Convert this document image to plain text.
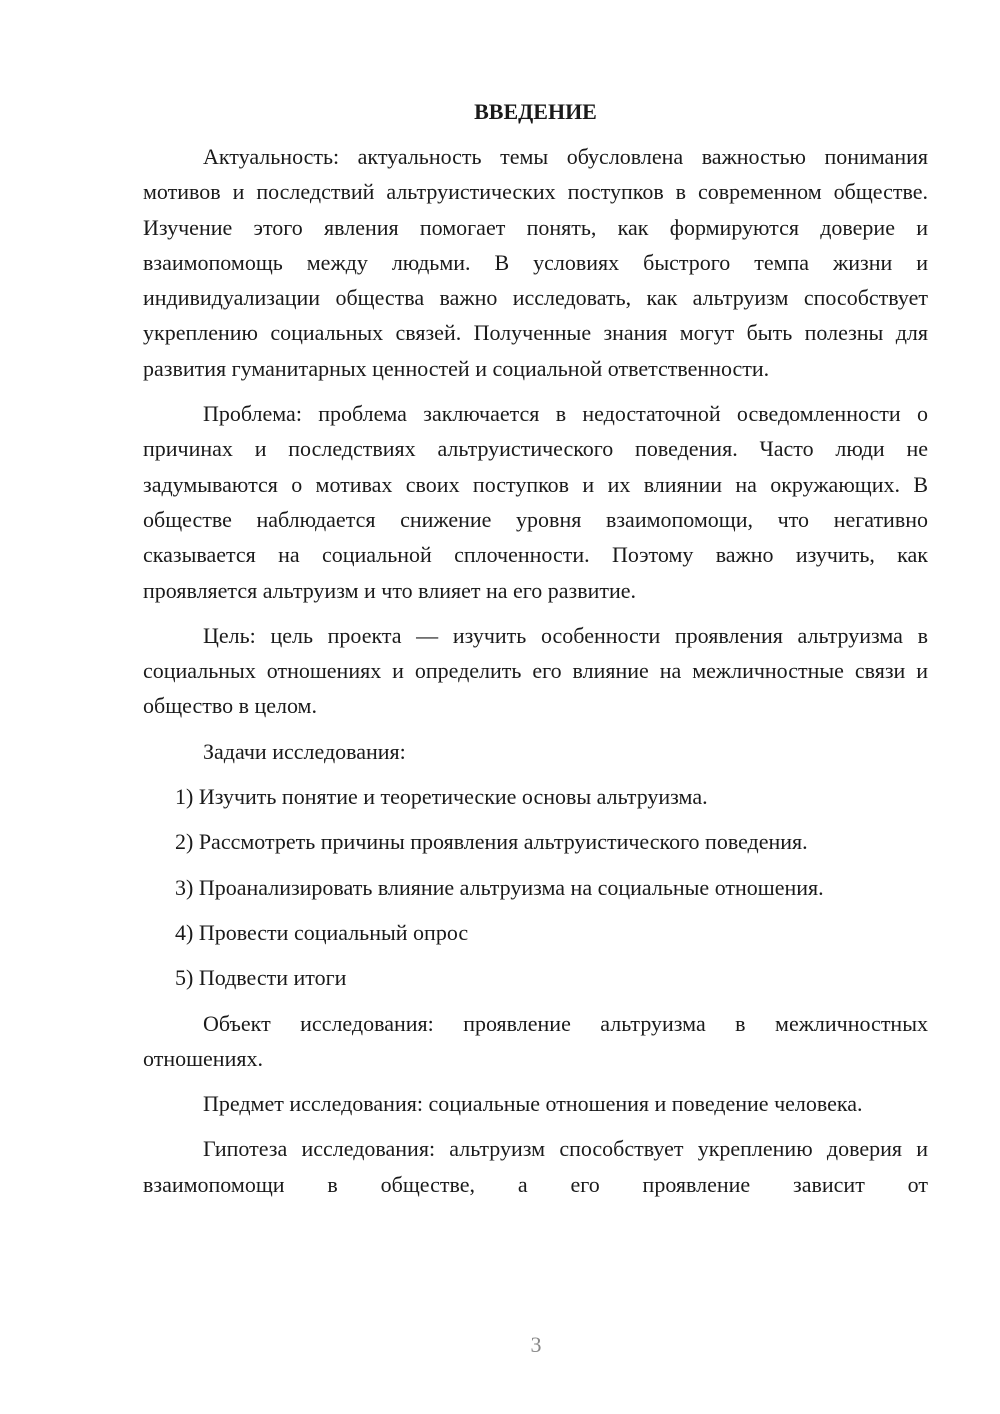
ВВЕДЕНИЕ

Актуальность: актуальность темы обусловлена важностью понимания мотивов и последствий альтруистических поступков в современном обществе. Изучение этого явления помогает понять, как формируются доверие и взаимопомощь между людьми. В условиях быстрого темпа жизни и индивидуализации общества важно исследовать, как альтруизм способствует укреплению социальных связей. Полученные знания могут быть полезны для развития гуманитарных ценностей и социальной ответственности.

Проблема: проблема заключается в недостаточной осведомленности о причинах и последствиях альтруистического поведения. Часто люди не задумываются о мотивах своих поступков и их влиянии на окружающих. В обществе наблюдается снижение уровня взаимопомощи, что негативно сказывается на социальной сплоченности. Поэтому важно изучить, как проявляется альтруизм и что влияет на его развитие.

Цель: цель проекта — изучить особенности проявления альтруизма в социальных отношениях и определить его влияние на межличностные связи и общество в целом.

Задачи исследования:

1) Изучить понятие и теоретические основы альтруизма.

2) Рассмотреть причины проявления альтруистического поведения.

3) Проанализировать влияние альтруизма на социальные отношения.

4) Провести социальный опрос

5) Подвести итоги

Объект исследования: проявление альтруизма в межличностных отношениях.

Предмет исследования: социальные отношения и поведение человека.

Гипотеза исследования: альтруизм способствует укреплению доверия и взаимопомощи в обществе, а его проявление зависит от

3
